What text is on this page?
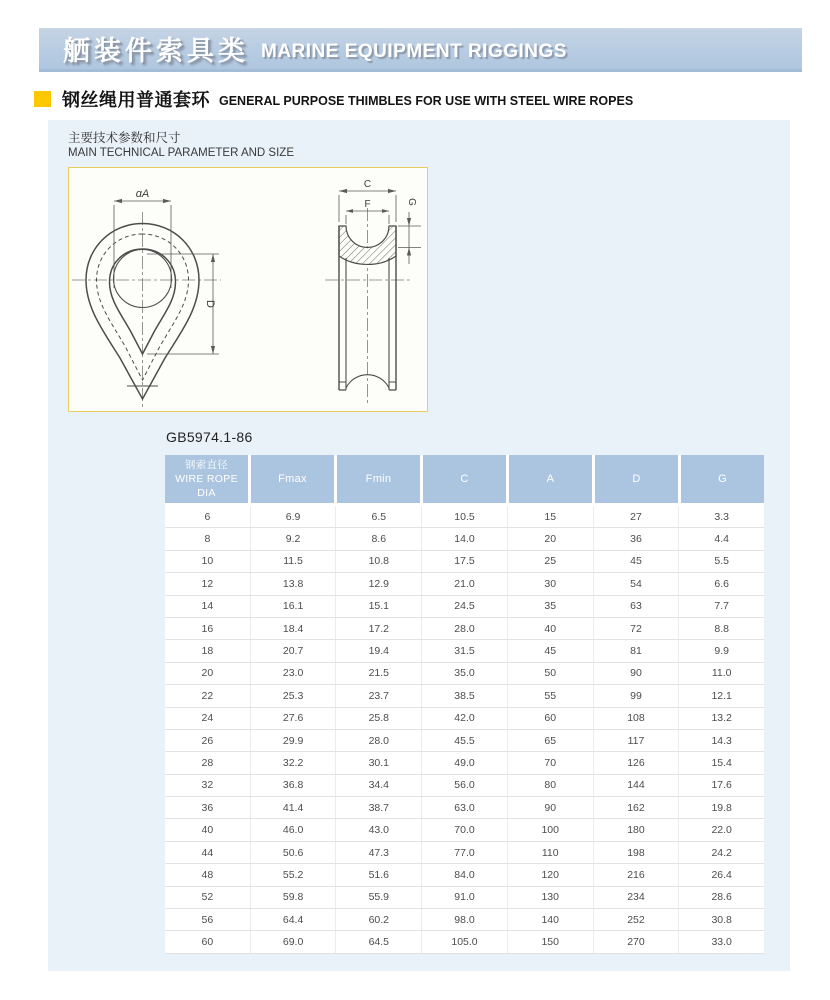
舾装件索具类 MARINE EQUIPMENT RIGGINGS
钢丝绳用普通套环 GENERAL PURPOSE THIMBLES FOR USE WITH STEEL WIRE ROPES
主要技术参数和尺寸
MAIN TECHNICAL PARAMETER AND SIZE
ɑA
D
C
F	G
GB5974.1-86
钢索直径
WIRE ROPE DIA
Fmax	Fmin	C	A	D	G
6	6.9	6.5	10.5	15	27	3.3
8	9.2	8.6	14.0	20	36	4.4
10	11.5	10.8	17.5	25	45	5.5
12	13.8	12.9	21.0	30	54	6.6
14	16.1	15.1	24.5	35	63	7.7
16	18.4	17.2	28.0	40	72	8.8
18	20.7	19.4	31.5	45	81	9.9
20	23.0	21.5	35.0	50	90	11.0
22	25.3	23.7	38.5	55	99	12.1
24	27.6	25.8	42.0	60	108	13.2
26	29.9	28.0	45.5	65	117	14.3
28	32.2	30.1	49.0	70	126	15.4
32	36.8	34.4	56.0	80	144	17.6
36	41.4	38.7	63.0	90	162	19.8
40	46.0	43.0	70.0	100	180	22.0
44	50.6	47.3	77.0	110	198	24.2
48	55.2	51.6	84.0	120	216	26.4
52	59.8	55.9	91.0	130	234	28.6
56	64.4	60.2	98.0	140	252	30.8
60	69.0	64.5	105.0	150	270	33.0
